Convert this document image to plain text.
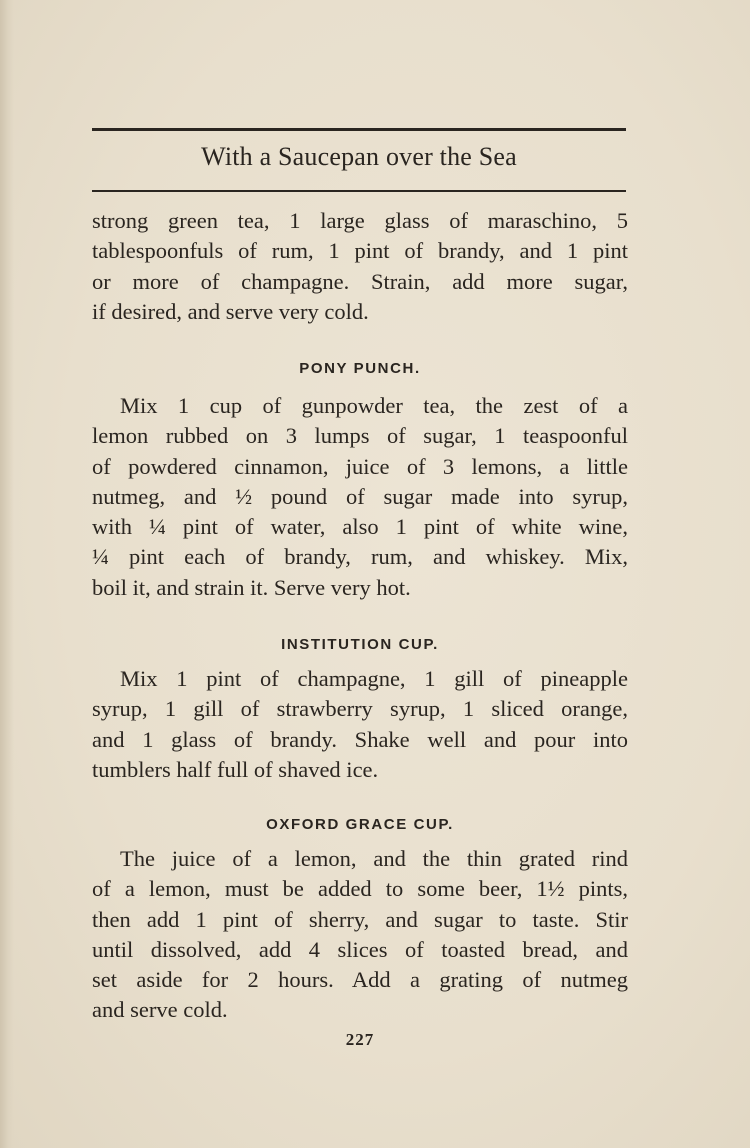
With a Saucepan over the Sea
strong green tea, 1 large glass of maraschino, 5
tablespoonfuls of rum, 1 pint of brandy, and 1 pint
or more of champagne. Strain, add more sugar,
if desired, and serve very cold.
PONY PUNCH.
Mix 1 cup of gunpowder tea, the zest of a
lemon rubbed on 3 lumps of sugar, 1 teaspoonful
of powdered cinnamon, juice of 3 lemons, a little
nutmeg, and ½ pound of sugar made into syrup,
with ¼ pint of water, also 1 pint of white wine,
¼ pint each of brandy, rum, and whiskey. Mix,
boil it, and strain it. Serve very hot.
INSTITUTION CUP.
Mix 1 pint of champagne, 1 gill of pineapple
syrup, 1 gill of strawberry syrup, 1 sliced orange,
and 1 glass of brandy. Shake well and pour into
tumblers half full of shaved ice.
OXFORD GRACE CUP.
The juice of a lemon, and the thin grated rind
of a lemon, must be added to some beer, 1½ pints,
then add 1 pint of sherry, and sugar to taste. Stir
until dissolved, add 4 slices of toasted bread, and
set aside for 2 hours. Add a grating of nutmeg
and serve cold.
227
